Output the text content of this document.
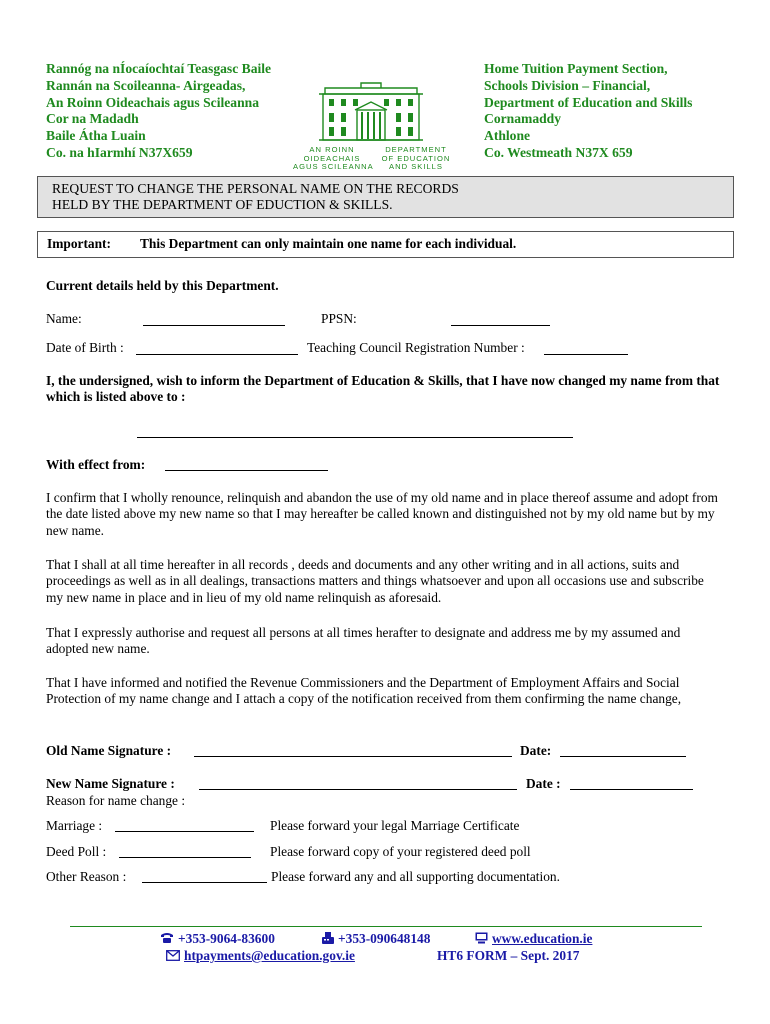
Rannóg na nÍocaíochtaí Teasgasc Baile
Rannán na Scoileanna- Airgeadas,
An Roinn Oideachais agus Scileanna
Cor na Madadh
Baile Átha Luain
Co. na hIarmhí N37X659	AN ROINN
OIDEACHAIS
AGUS SCILEANNA
DEPARTMENT
OF EDUCATION
AND SKILLS
Home Tuition Payment Section,
Schools Division – Financial,
Department of Education and Skills
Cornamaddy
Athlone
Co. Westmeath N37X 659
REQUEST TO CHANGE THE PERSONAL NAME ON THE RECORDS
HELD BY THE DEPARTMENT OF EDUCTION & SKILLS.
Important: This Department can only maintain one name for each individual.
Current details held by this Department.
Name:	PPSN:
Date of Birth :	Teaching Council Registration Number :
I, the undersigned, wish to inform the Department of Education & Skills, that I have now changed my name from that which is listed above to :
With effect from:
I confirm that I wholly renounce, relinquish and abandon the use of my old name and in place thereof assume and adopt from the date listed above my new name so that I may hereafter be called known and distinguished not by my old name but by my new name.
That I shall at all time hereafter in all records , deeds and documents and any other writing and in all actions, suits and proceedings as well as in all dealings, transactions matters and things whatsoever and upon all occasions use and subscribe my new name in place and in lieu of my old name relinquish as aforesaid.
That I expressly authorise and request all persons at all times herafter to designate and address me by my assumed and adopted new name.
That I have informed and notified the Revenue Commissioners and the Department of Employment Affairs and Social Protection of my name change and I attach a copy of the notification received from them confirming the name change,
Old Name Signature :	Date:
New Name Signature :	Date :
Reason for name change :
Marriage :	Please forward your legal Marriage Certificate
Deed Poll :	Please forward copy of your registered deed poll
Other Reason :	Please forward any and all supporting documentation.
+353-9064-83600	+353-090648148	www.education.ie
htpayments@education.gov.ie	HT6 FORM – Sept. 2017
